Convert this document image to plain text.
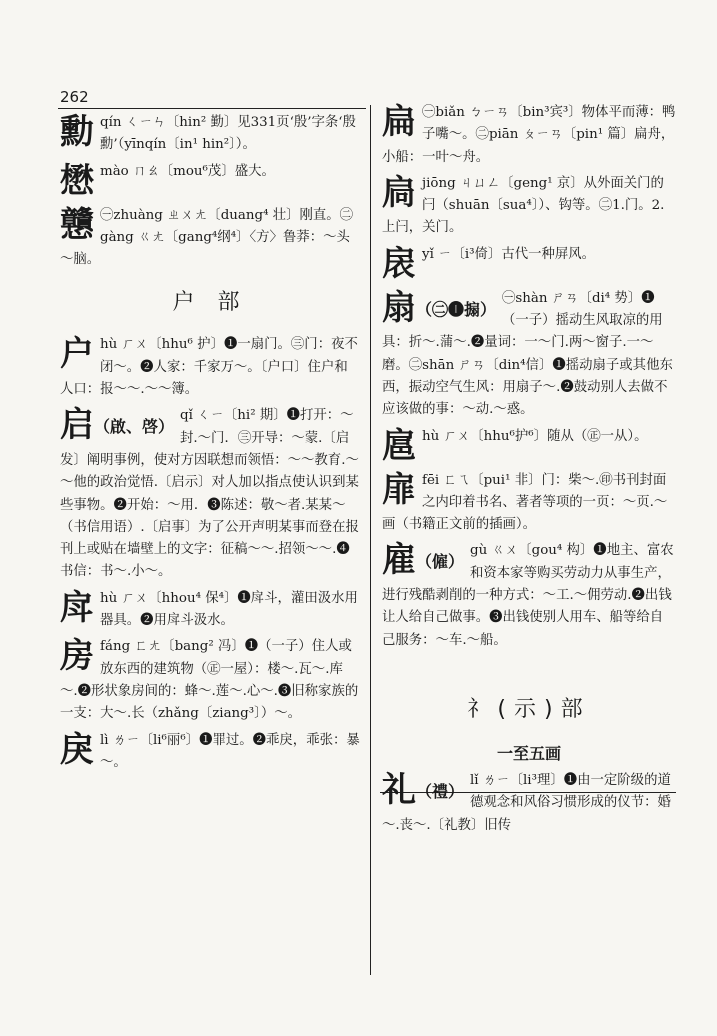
262
勳 qín ㄑㄧㄣ〔hin² 勤〕见331页‘殷’字条‘殷勳’（yīnqín〔in¹ hin²〕）。
懋 mào ㄇㄠ〔mou⁶茂〕盛大。
戇 ㊀zhuàng ㄓㄨㄤ〔duang⁴ 壮〕刚直。㊁gàng ㄍㄤ〔gang⁴纲⁴〕〈方〉鲁莽：～头～脑。
户 部
户 hù ㄏㄨ〔hhu⁶ 护〕❶一扇门。㊂门：夜不闭～。❷人家：千家万～。〔户口〕住户和人口：报～～.～～簿。
启（啟、啓）
qǐ ㄑㄧ〔hi² 期〕❶打开：～封.～门．㊂开导：～蒙.〔启发〕阐明事例，使对方因联想而领悟：～～教育.～～他的政治觉悟.〔启示〕对人加以指点使认识到某些事物。❷开始：～用．❸陈述：敬～者.某某～（书信用语）.〔启事〕为了公开声明某事而登在报刊上或贴在墙壁上的文字：征稿～～.招领～～.❹书信：书～.小～。
戽 hù ㄏㄨ〔hhou⁴ 保⁴〕❶戽斗，灌田汲水用器具。❷用戽斗汲水。
房 fáng ㄈㄤ〔bang² 冯〕❶（一子）住人或放东西的建筑物（㊣一屋）：楼～.瓦～.库～.❷形状象房间的：蜂～.莲～.心～.❸旧称家族的一支：大～.长（zhǎng〔ziang³〕）～。
戾 lì ㄌㄧ〔li⁶丽⁶〕❶罪过。❷乖戾，乖张：暴～。
扁 ㊀biǎn ㄅㄧㄢ〔bin³宾³〕物体平而薄：鸭子嘴～。㊁piān ㄆㄧㄢ〔pin¹ 篇〕扁舟，小船：一叶～舟。
扃 jiōng ㄐㄩㄥ〔geng¹ 京〕从外面关门的闩（shuān〔sua⁴〕）、钩等。㊁1.门。2.上闩，关门。
扆 yǐ ㄧ〔i³倚〕古代一种屏风。
扇（㊁❶搧）
㊀shàn ㄕㄢ〔di⁴ 势〕❶（一子）摇动生风取凉的用具：折～.蒲～.❷量词：一～门.两～窗子.一～磨。㊁shān ㄕㄢ〔din⁴信〕❶摇动扇子或其他东西，振动空气生风：用扇子～.❷鼓动别人去做不应该做的事：～动.～惑。
扈 hù ㄏㄨ〔hhu⁶护⁶〕随从（㊣一从）。
扉 fēi ㄈㄟ〔pui¹ 非〕门：柴～.㊞书刊封面之内印着书名、著者等项的一页：～页.～画（书籍正文前的插画）。
雇（僱）
gù ㄍㄨ〔gou⁴ 构〕❶地主、富农和资本家等购买劳动力从事生产，进行残酷剥削的一种方式：～工.～佣劳动.❷出钱让人给自己做事。❸出钱使别人用车、船等给自己服务：～车.～船。
礻(示)部
一至五画
礼（禮）
lǐ ㄌㄧ〔li³理〕❶由一定阶级的道德观念和风俗习惯形成的仪节：婚～.丧～.〔礼教〕旧传
